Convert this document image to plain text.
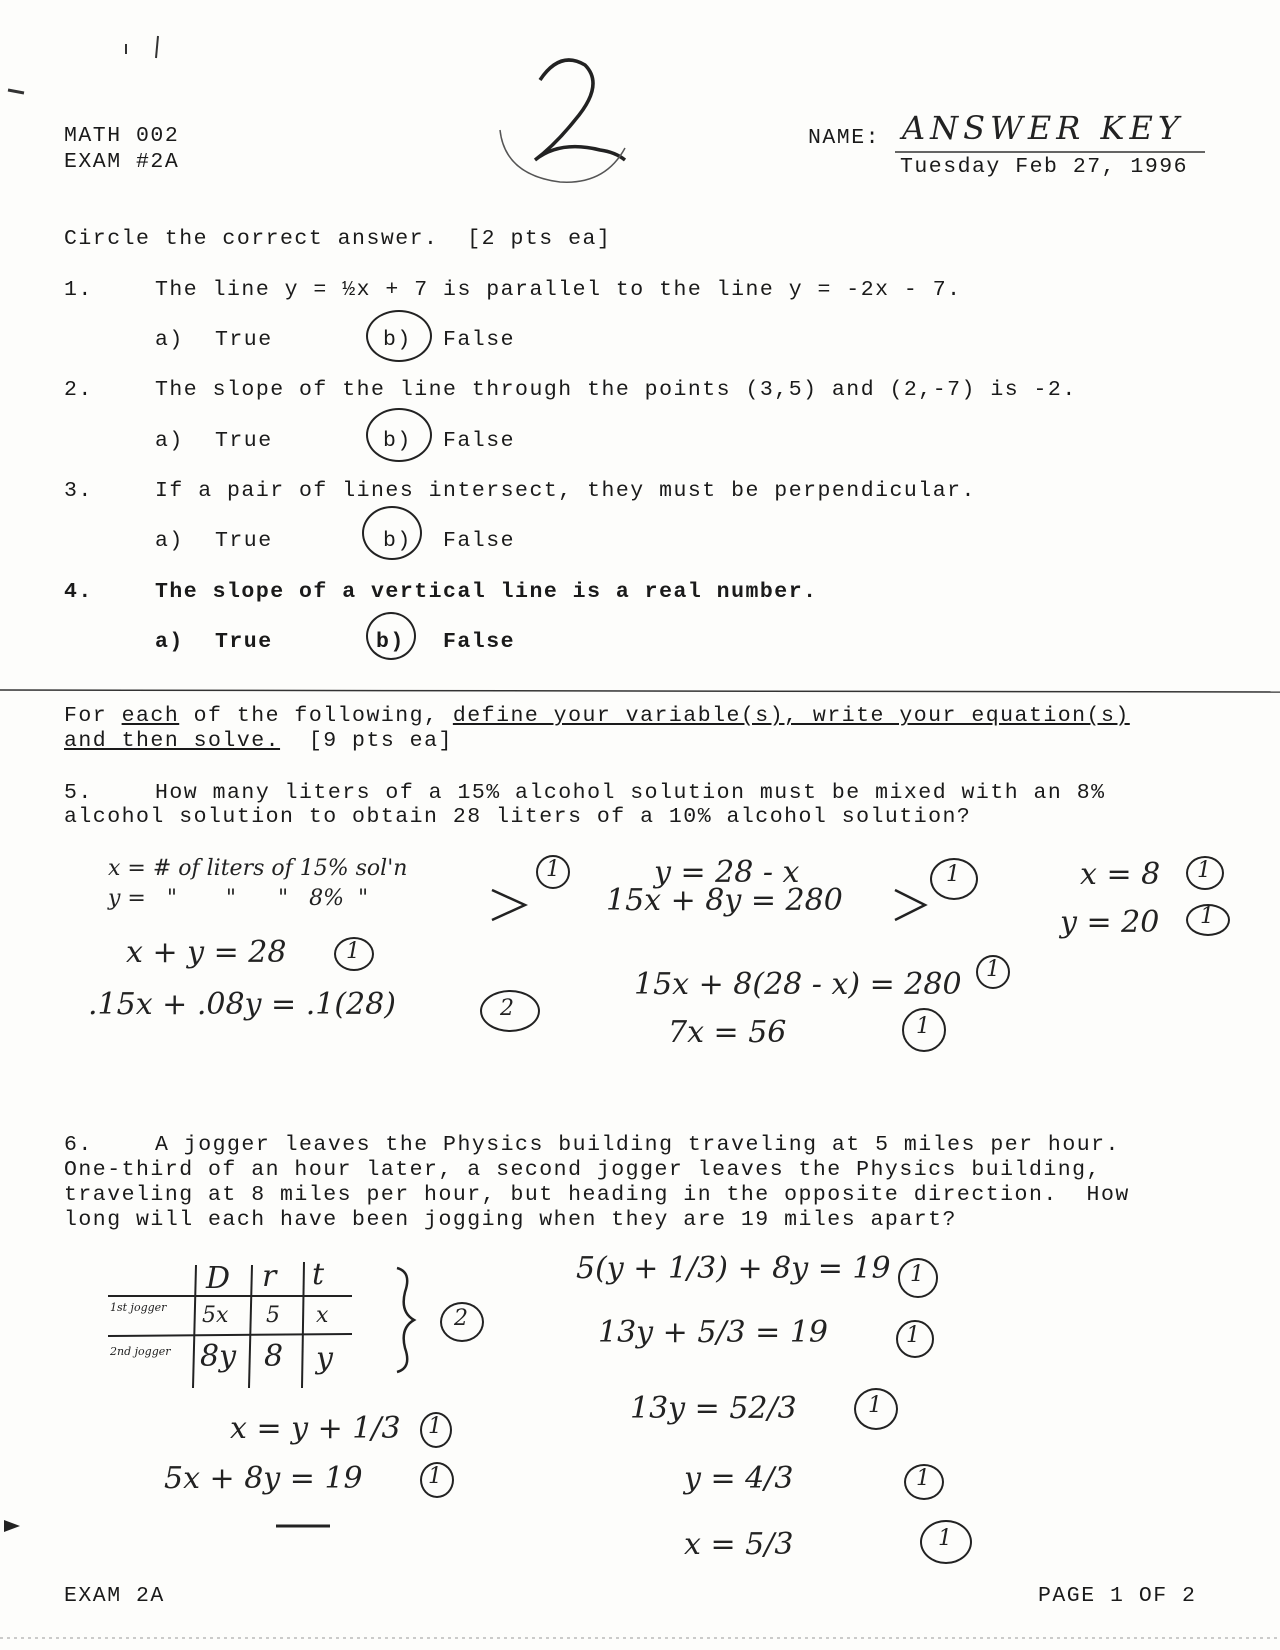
MATH 002
EXAM #2A
NAME: ANSWER KEY
Tuesday Feb 27, 1996
Circle the correct answer.  [2 pts ea]
1.	The line y = ½x + 7 is parallel to the line y = -2x - 7.
a) True	b) False
2.	The slope of the line through the points (3,5) and (2,-7) is -2.
a) True	b) False
3.	If a pair of lines intersect, they must be perpendicular.
a) True	b) False
4.	The slope of a vertical line is a real number.
a) True	b) False
For each of the following, define your variable(s), write your equation(s)
and then solve.  [9 pts ea]
5.	How many liters of a 15% alcohol solution must be mixed with an 8%
alcohol solution to obtain 28 liters of a 10% alcohol solution?
x = # of liters of 15% sol'n	1
y =   "       "      "   8%  "
x + y = 28	1
.15x + .08y = .1(28)	2
y = 28 - x
15x + 8y = 280
1
15x + 8(28 - x) = 280 1
7x = 56	1
x = 8 1
y = 20 1
6.	A jogger leaves the Physics building traveling at 5 miles per hour.
One-third of an hour later, a second jogger leaves the Physics building,
traveling at 8 miles per hour, but heading in the opposite direction.  How
long will each have been jogging when they are 19 miles apart?
D r t
1st jogger 5x 5 x
2nd jogger 8y 8 y
2
x = y + 1/3 1
5x + 8y = 19	1
5(y + 1/3) + 8y = 19 1
13y + 5/3 = 19	1
13y = 52/3	1
y = 4/3	1
x = 5/3	1
EXAM 2A	PAGE 1 OF 2
